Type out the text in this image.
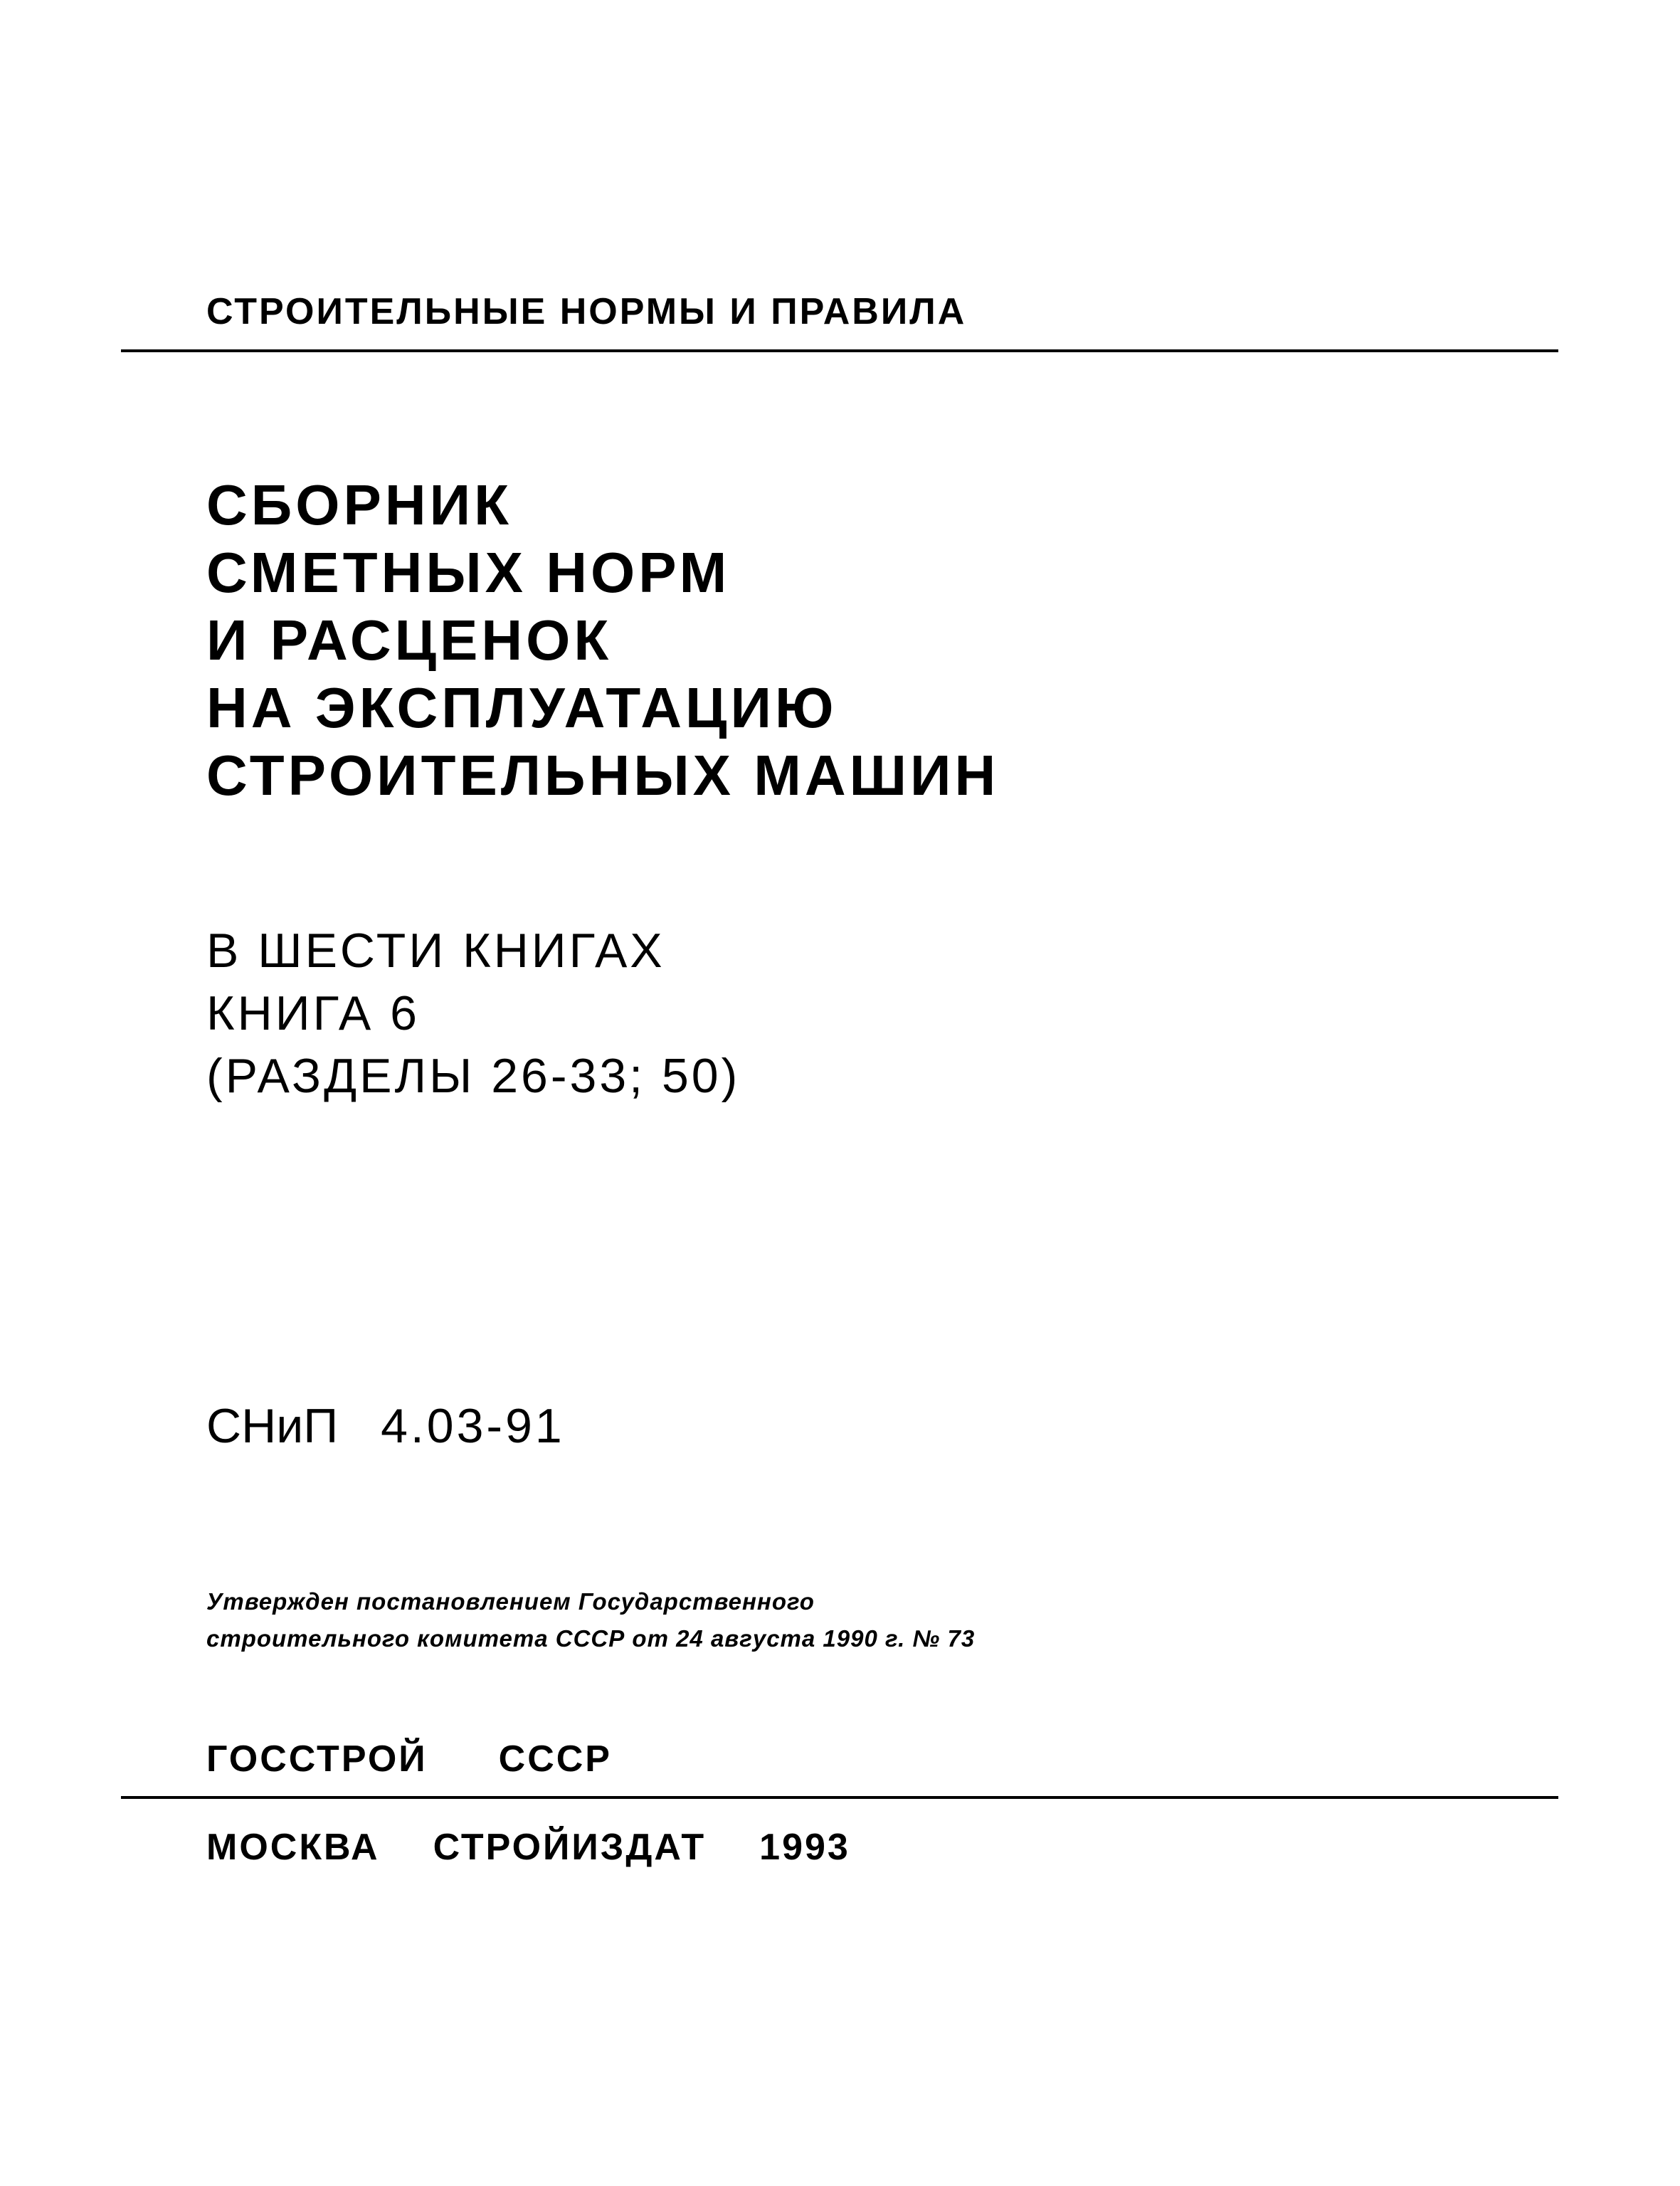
СТРОИТЕЛЬНЫЕ НОРМЫ И ПРАВИЛА
СБОРНИК
СМЕТНЫХ НОРМ
И РАСЦЕНОК
НА ЭКСПЛУАТАЦИЮ
СТРОИТЕЛЬНЫХ МАШИН
В ШЕСТИ КНИГАХ
КНИГА 6
(РАЗДЕЛЫ 26-33; 50)
СНиП 4.03-91
Утвержден постановлением Государственного
строительного комитета СССР от 24 августа 1990 г. № 73
ГОССТРОЙ СССР
МОСКВА СТРОЙИЗДАТ 1993
